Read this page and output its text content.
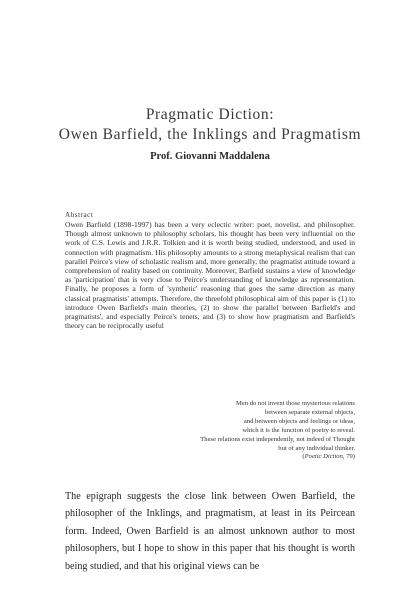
Pragmatic Diction:
Owen Barfield, the Inklings and Pragmatism

Prof. Giovanni Maddalena

Abstract

Owen Barfield (1898-1997) has been a very eclectic writer: poet, novelist, and philosopher. Though almost unknown to philosophy scholars, his thought has been very influential on the work of C.S. Lewis and J.R.R. Tolkien and it is worth being studied, understood, and used in connection with pragmatism. His philosophy amounts to a strong metaphysical realism that can parallel Peirce's view of scholastic realism and, more generally, the pragmatist attitude toward a comprehension of reality based on continuity. Moreover, Barfield sustains a view of knowledge as 'participation' that is very close to Peirce's understanding of knowledge as representation. Finally, he proposes a form of 'synthetic' reasoning that goes the same direction as many classical pragmatists' attempts. Therefore, the threefold philosophical aim of this paper is (1) to introduce Owen Barfield's main theories, (2) to show the parallel between Barfield's and pragmatists', and especially Peirce's tenets, and (3) to show how pragmatism and Barfield's theory can be reciprocally useful

Men do not invent those mysterious relations
between separate external objects,
and between objects and feelings or ideas,
which it is the function of poetry to reveal.
These relations exist independently, not indeed of Thought
but of any individual thinker.
(Poetic Diction, 79)

The epigraph suggests the close link between Owen Barfield, the philosopher of the Inklings, and pragmatism, at least in its Peircean form. Indeed, Owen Barfield is an almost unknown author to most philosophers, but I hope to show in this paper that his thought is worth being studied, and that his original views can be
